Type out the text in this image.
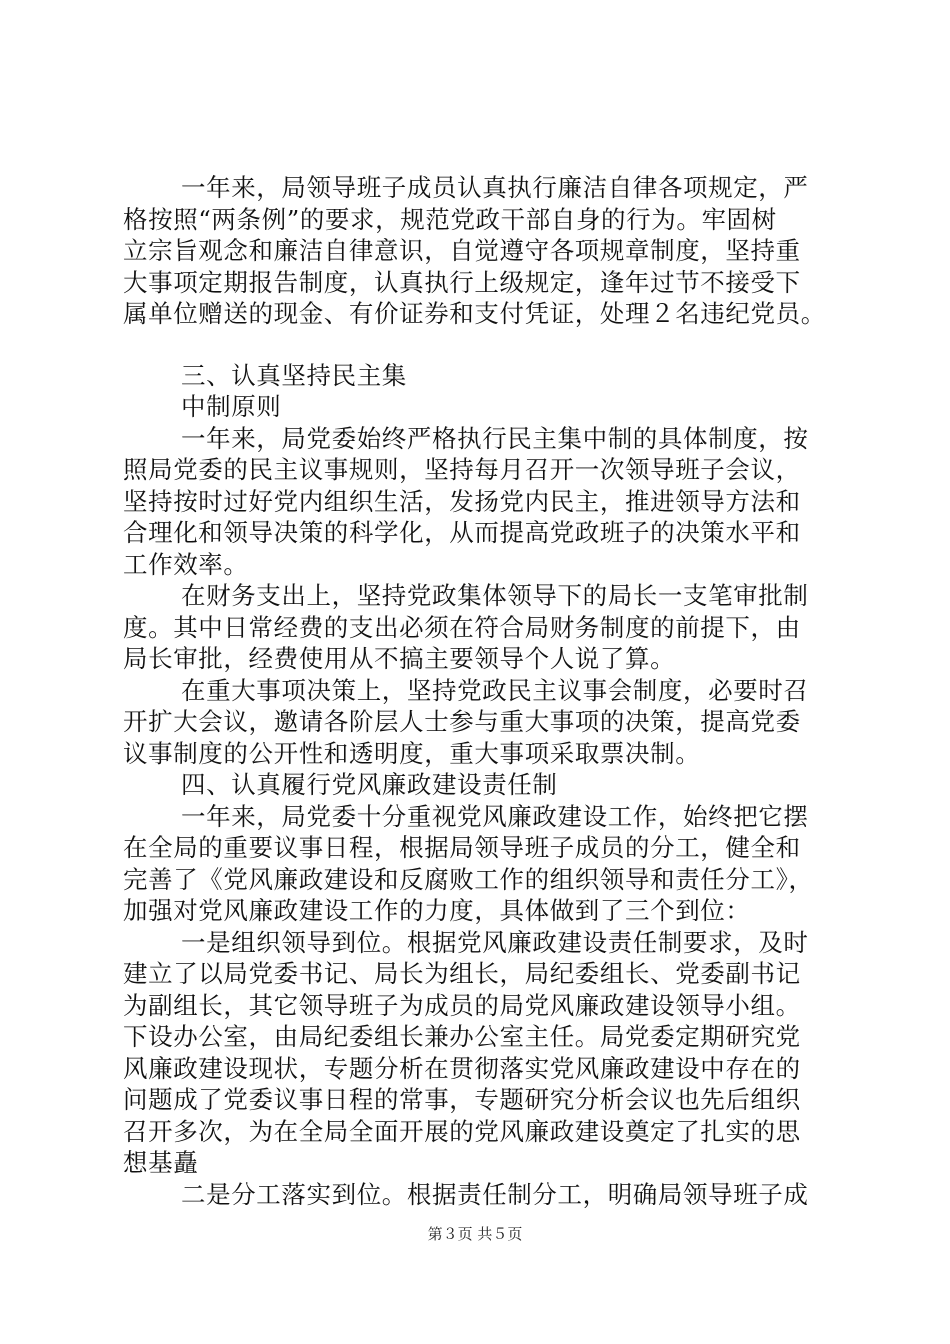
一年来，局领导班子成员认真执行廉洁自律各项规定，严
格按照“两条例”的要求，规范党政干部自身的行为。牢固树
立宗旨观念和廉洁自律意识，自觉遵守各项规章制度，坚持重
大事项定期报告制度，认真执行上级规定，逢年过节不接受下
属单位赠送的现金、有价证券和支付凭证，处理２名违纪党员。
三、认真坚持民主集
中制原则
一年来，局党委始终严格执行民主集中制的具体制度，按
照局党委的民主议事规则，坚持每月召开一次领导班子会议，
坚持按时过好党内组织生活，发扬党内民主，推进领导方法和
合理化和领导决策的科学化，从而提高党政班子的决策水平和
工作效率。
在财务支出上，坚持党政集体领导下的局长一支笔审批制
度。其中日常经费的支出必须在符合局财务制度的前提下，由
局长审批，经费使用从不搞主要领导个人说了算。
在重大事项决策上，坚持党政民主议事会制度，必要时召
开扩大会议，邀请各阶层人士参与重大事项的决策，提高党委
议事制度的公开性和透明度，重大事项采取票决制。
四、认真履行党风廉政建设责任制
一年来，局党委十分重视党风廉政建设工作，始终把它摆
在全局的重要议事日程，根据局领导班子成员的分工，健全和
完善了《党风廉政建设和反腐败工作的组织领导和责任分工》，
加强对党风廉政建设工作的力度，具体做到了三个到位：
一是组织领导到位。根据党风廉政建设责任制要求，及时
建立了以局党委书记、局长为组长，局纪委组长、党委副书记
为副组长，其它领导班子为成员的局党风廉政建设领导小组。
下设办公室，由局纪委组长兼办公室主任。局党委定期研究党
风廉政建设现状，专题分析在贯彻落实党风廉政建设中存在的
问题成了党委议事日程的常事，专题研究分析会议也先后组织
召开多次，为在全局全面开展的党风廉政建设奠定了扎实的思
想基矗
二是分工落实到位。根据责任制分工，明确局领导班子成
第３页 共５页
